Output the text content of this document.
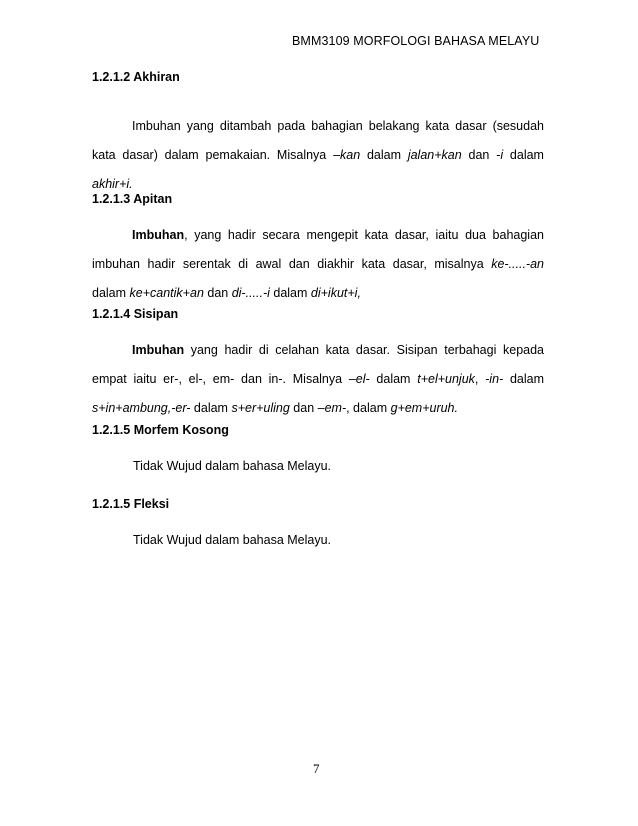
BMM3109 MORFOLOGI BAHASA MELAYU
1.2.1.2 Akhiran
Imbuhan yang ditambah pada bahagian belakang kata dasar (sesudah
kata dasar) dalam pemakaian. Misalnya –kan dalam jalan+kan dan -i dalam
akhir+i.
1.2.1.3 Apitan
Imbuhan, yang hadir secara mengepit kata dasar, iaitu dua bahagian
imbuhan hadir serentak di awal dan diakhir kata dasar, misalnya ke-.....-an
dalam ke+cantik+an dan di-.....-i dalam di+ikut+i,
1.2.1.4 Sisipan
Imbuhan yang hadir di celahan kata dasar. Sisipan terbahagi kepada
empat iaitu er-, el-, em- dan in-. Misalnya –el- dalam t+el+unjuk, -in- dalam
s+in+ambung,-er- dalam s+er+uling dan –em-, dalam g+em+uruh.
1.2.1.5 Morfem Kosong
Tidak Wujud dalam bahasa Melayu.
1.2.1.5 Fleksi
Tidak Wujud dalam bahasa Melayu.
7
